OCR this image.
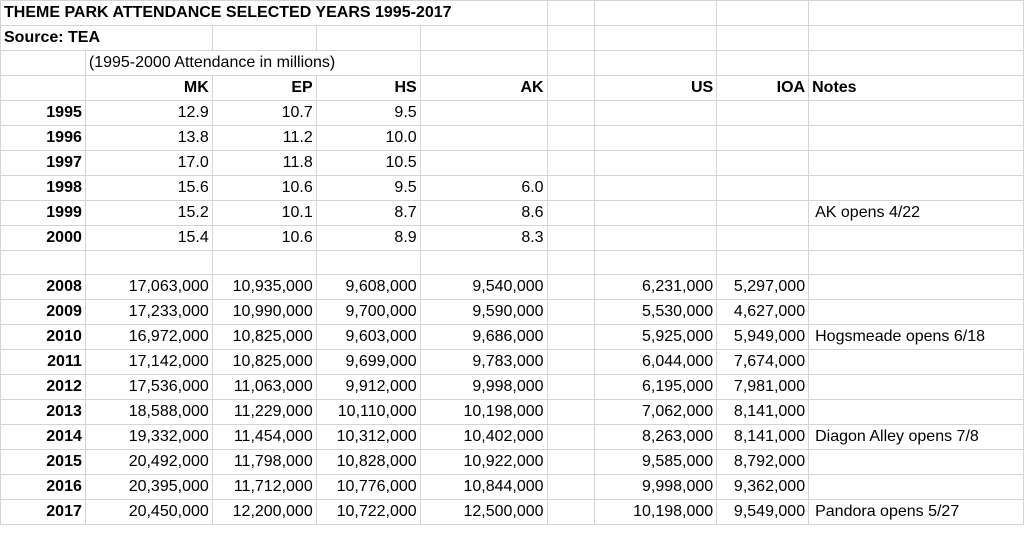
THEME PARK ATTENDANCE SELECTED YEARS 1995-2017								
Source: TEA								
	(1995-2000 Attendance in millions)							
	MK	EP	HS	AK		US	IOA	Notes
1995	12.9	10.7	9.5					
1996	13.8	11.2	10.0					
1997	17.0	11.8	10.5					
1998	15.6	10.6	9.5	6.0				
1999	15.2	10.1	8.7	8.6				AK opens 4/22
2000	15.4	10.6	8.9	8.3				

2008	17,063,000	10,935,000	9,608,000	9,540,000		6,231,000	5,297,000	
2009	17,233,000	10,990,000	9,700,000	9,590,000		5,530,000	4,627,000	
2010	16,972,000	10,825,000	9,603,000	9,686,000		5,925,000	5,949,000	Hogsmeade opens 6/18
2011	17,142,000	10,825,000	9,699,000	9,783,000		6,044,000	7,674,000	
2012	17,536,000	11,063,000	9,912,000	9,998,000		6,195,000	7,981,000	
2013	18,588,000	11,229,000	10,110,000	10,198,000		7,062,000	8,141,000	
2014	19,332,000	11,454,000	10,312,000	10,402,000		8,263,000	8,141,000	Diagon Alley opens 7/8
2015	20,492,000	11,798,000	10,828,000	10,922,000		9,585,000	8,792,000	
2016	20,395,000	11,712,000	10,776,000	10,844,000		9,998,000	9,362,000	
2017	20,450,000	12,200,000	10,722,000	12,500,000		10,198,000	9,549,000	Pandora opens 5/27
